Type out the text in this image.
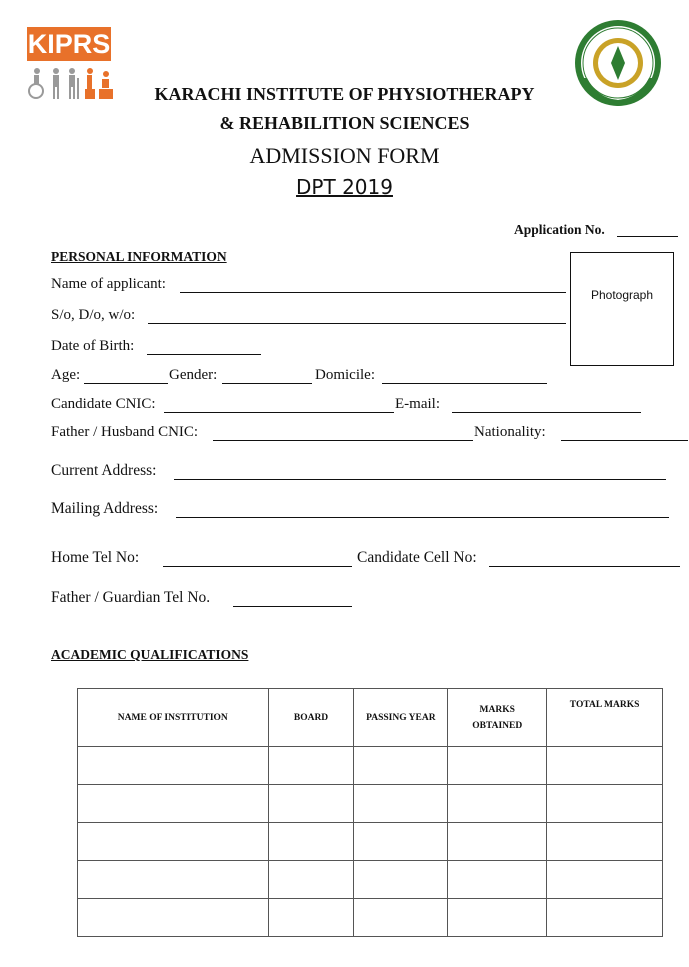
KIPRS
KARACHI INSTITUTE OF PHYSIOTHERAPY
& REHABILITION SCIENCES
ADMISSION FORM
DPT 2019
Application No.
PERSONAL INFORMATION
Photograph
Name of applicant:
S/o, D/o, w/o:
Date of Birth:
Age:	Gender:	Domicile:
Candidate CNIC:	E-mail:
Father / Husband CNIC:	Nationality:
Current Address:
Mailing Address:
Home Tel No:	Candidate Cell No:
Father / Guardian Tel No.
ACADEMIC QUALIFICATIONS
NAME OF INSTITUTION	BOARD	PASSING YEAR	MARKS OBTAINED	TOTAL MARKS
